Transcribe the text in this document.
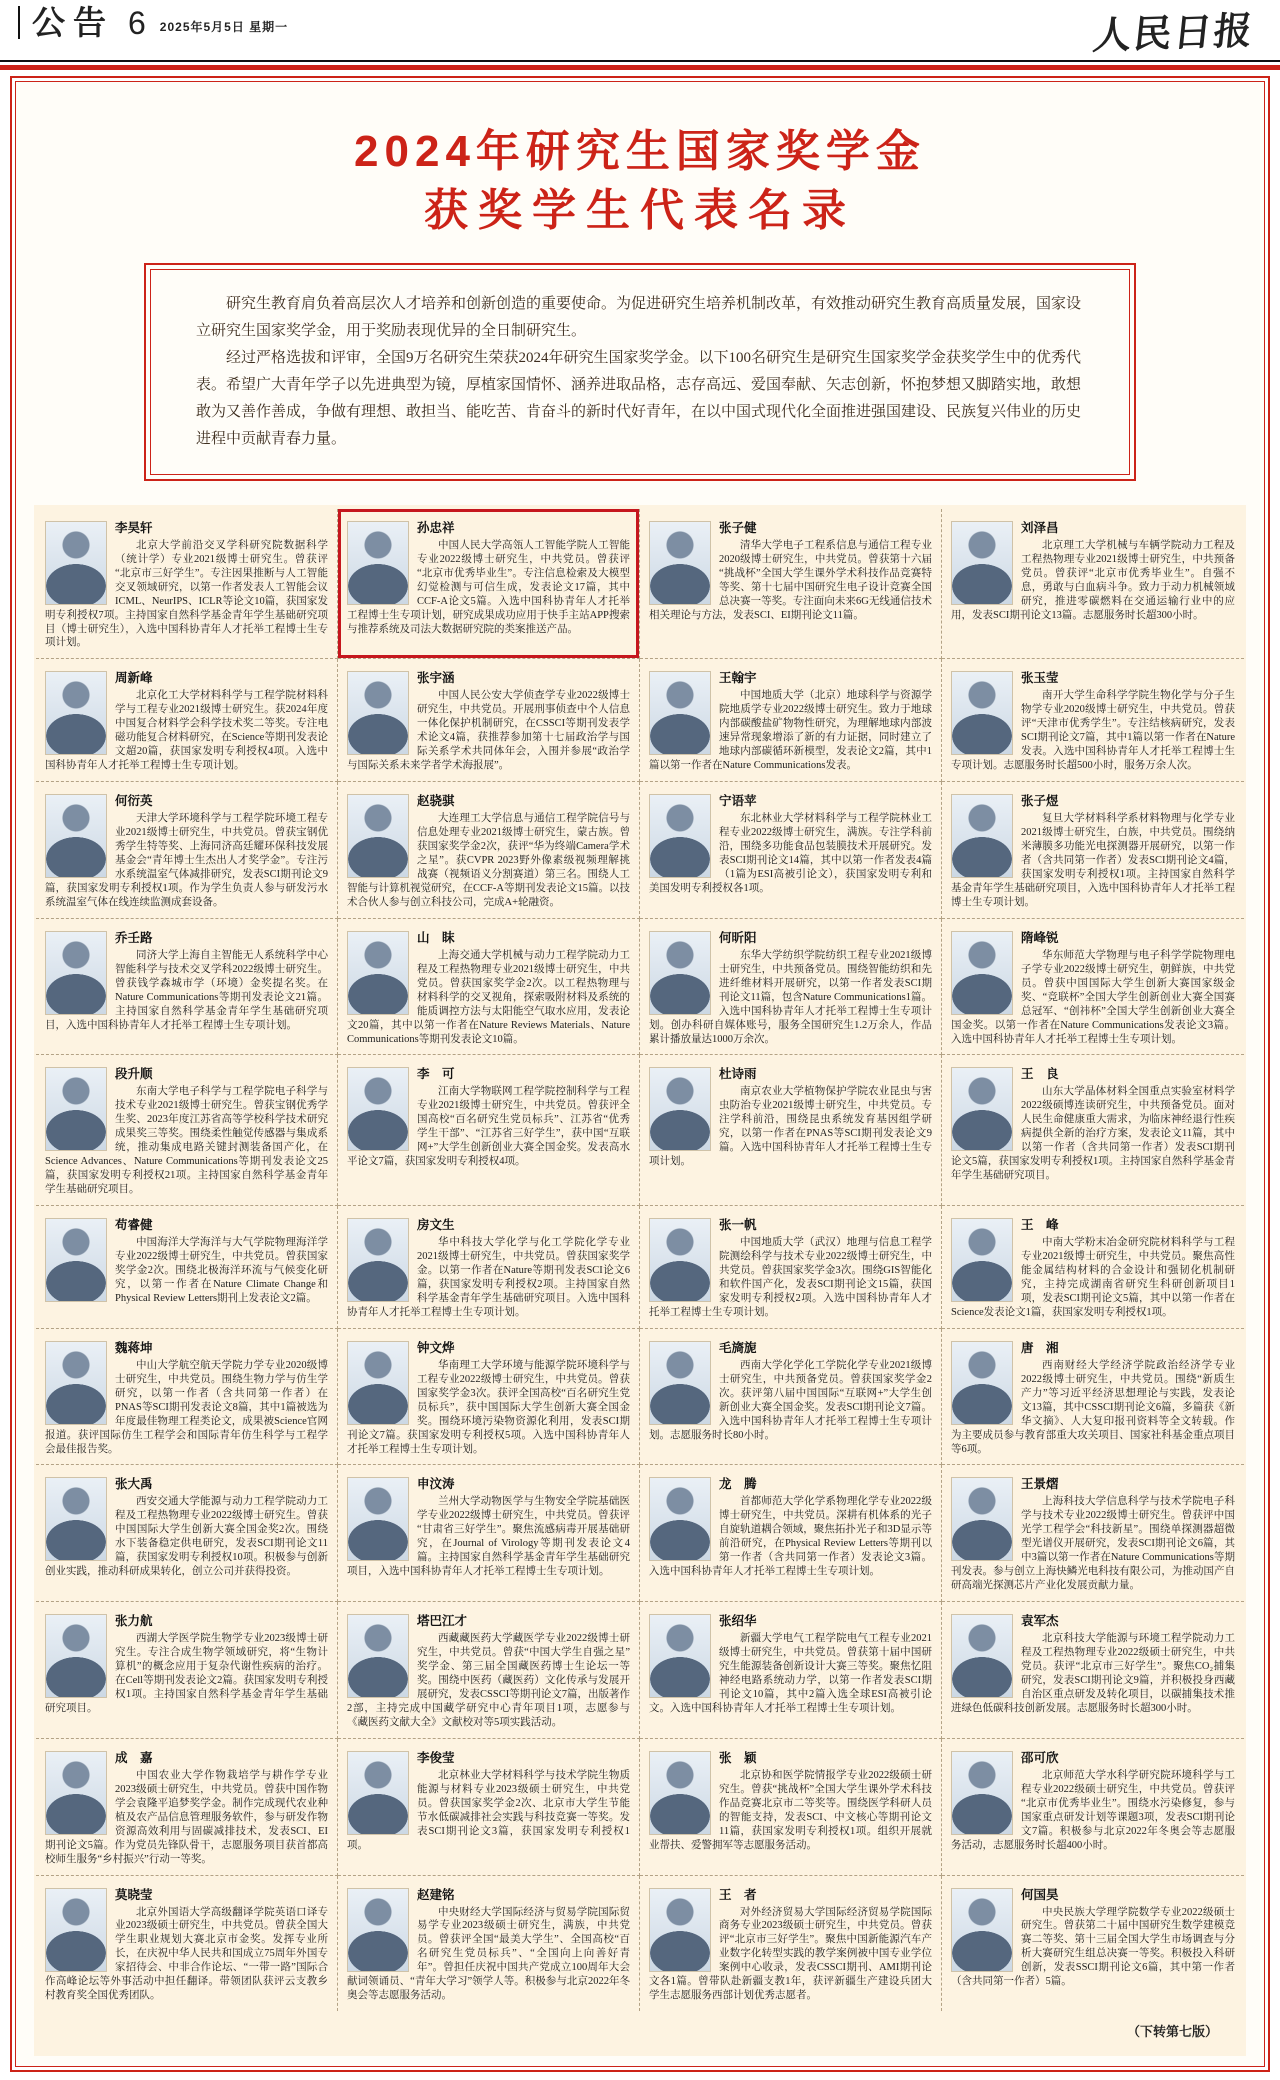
公告 6 2025年5月5日 星期一	人民日报
2024年研究生国家奖学金
获奖学生代表名录

研究生教育肩负着高层次人才培养和创新创造的重要使命。为促进研究生培养机制改革，有效推动研究生教育高质量发展，国家设立研究生国家奖学金，用于奖励表现优异的全日制研究生。

经过严格选拔和评审，全国9万名研究生荣获2024年研究生国家奖学金。以下100名研究生是研究生国家奖学金获奖学生中的优秀代表。希望广大青年学子以先进典型为镜，厚植家国情怀、涵养进取品格，志存高远、爱国奉献、矢志创新，怀抱梦想又脚踏实地，敢想敢为又善作善成，争做有理想、敢担当、能吃苦、肯奋斗的新时代好青年，在以中国式现代化全面推进强国建设、民族复兴伟业的历史进程中贡献青春力量。

李昊轩

北京大学前沿交叉学科研究院数据科学（统计学）专业2021级博士研究生。曾获评“北京市三好学生”。专注因果推断与人工智能交叉领域研究，以第一作者发表人工智能会议ICML、NeurIPS、ICLR等论文10篇，获国家发明专利授权7项。主持国家自然科学基金青年学生基础研究项目（博士研究生），入选中国科协青年人才托举工程博士生专项计划。

孙忠祥

中国人民大学高瓴人工智能学院人工智能专业2022级博士研究生，中共党员。曾获评“北京市优秀毕业生”。专注信息检索及大模型幻觉检测与可信生成，发表论文17篇，其中CCF-A论文5篇。入选中国科协青年人才托举工程博士生专项计划，研究成果成功应用于快手主站APP搜索与推荐系统及司法大数据研究院的类案推送产品。

张子健

清华大学电子工程系信息与通信工程专业2020级博士研究生，中共党员。曾获第十六届“挑战杯”全国大学生课外学术科技作品竞赛特等奖、第十七届中国研究生电子设计竞赛全国总决赛一等奖。专注面向未来6G无线通信技术相关理论与方法，发表SCI、EI期刊论文11篇。

刘泽昌

北京理工大学机械与车辆学院动力工程及工程热物理专业2021级博士研究生，中共预备党员。曾获评“北京市优秀毕业生”。自强不息，勇敢与白血病斗争。致力于动力机械领域研究，推进零碳燃料在交通运输行业中的应用，发表SCI期刊论文13篇。志愿服务时长超300小时。

周新峰

北京化工大学材料科学与工程学院材料科学与工程专业2021级博士研究生。获2024年度中国复合材料学会科学技术奖二等奖。专注电磁功能复合材料研究，在Science等期刊发表论文超20篇，获国家发明专利授权4项。入选中国科协青年人才托举工程博士生专项计划。

张宇涵

中国人民公安大学侦查学专业2022级博士研究生，中共党员。开展刑事侦查中个人信息一体化保护机制研究，在CSSCI等期刊发表学术论文4篇，获推荐参加第十七届政治学与国际关系学术共同体年会，入围并参展“政治学与国际关系未来学者学术海报展”。

王翰宇

中国地质大学（北京）地球科学与资源学院地质学专业2022级博士研究生。致力于地球内部碳酸盐矿物物性研究，为理解地球内部波速异常现象增添了新的有力证据，同时建立了地球内部碳循环新模型，发表论文2篇，其中1篇以第一作者在Nature Communications发表。

张玉莹

南开大学生命科学学院生物化学与分子生物学专业2020级博士研究生，中共党员。曾获评“天津市优秀学生”。专注结核病研究，发表SCI期刊论文7篇，其中1篇以第一作者在Nature发表。入选中国科协青年人才托举工程博士生专项计划。志愿服务时长超500小时，服务万余人次。

何衍英

天津大学环境科学与工程学院环境工程专业2021级博士研究生，中共党员。曾获宝钢优秀学生特等奖、上海同济高廷耀环保科技发展基金会“青年博士生杰出人才奖学金”。专注污水系统温室气体减排研究，发表SCI期刊论文9篇，获国家发明专利授权1项。作为学生负责人参与研发污水系统温室气体在线连续监测成套设备。

赵骁骐

大连理工大学信息与通信工程学院信号与信息处理专业2021级博士研究生，蒙古族。曾获国家奖学金2次，获评“华为终端Camera学术之星”。获CVPR 2023野外像素级视频理解挑战赛（视频语义分割赛道）第三名。围绕人工智能与计算机视觉研究，在CCF-A等期刊发表论文15篇。以技术合伙人参与创立科技公司，完成A+轮融资。

宁语苹

东北林业大学材料科学与工程学院林业工程专业2022级博士研究生，满族。专注学科前沿，围绕多功能食品包装膜技术开展研究。发表SCI期刊论文14篇，其中以第一作者发表4篇（1篇为ESI高被引论文），获国家发明专利和美国发明专利授权各1项。

张子煜

复旦大学材料科学系材料物理与化学专业2021级博士研究生，白族，中共党员。围绕纳米薄膜多功能光电探测器开展研究，以第一作者（含共同第一作者）发表SCI期刊论文4篇，获国家发明专利授权1项。主持国家自然科学基金青年学生基础研究项目，入选中国科协青年人才托举工程博士生专项计划。

乔壬路

同济大学上海自主智能无人系统科学中心智能科学与技术交叉学科2022级博士研究生。曾获钱学森城市学（环境）金奖提名奖。在Nature Communications等期刊发表论文21篇。主持国家自然科学基金青年学生基础研究项目，入选中国科协青年人才托举工程博士生专项计划。

山　眜

上海交通大学机械与动力工程学院动力工程及工程热物理专业2021级博士研究生，中共党员。曾获国家奖学金2次。以工程热物理与材料科学的交叉视角，探索吸附材料及系统的能质调控方法与太阳能空气取水应用，发表论文20篇，其中以第一作者在Nature Reviews Materials、Nature Communications等期刊发表论文10篇。

何昕阳

东华大学纺织学院纺织工程专业2021级博士研究生，中共预备党员。围绕智能纺织和先进纤维材料开展研究，以第一作者发表SCI期刊论文11篇，包含Nature Communications1篇。入选中国科协青年人才托举工程博士生专项计划。创办科研自媒体账号，服务全国研究生1.2万余人，作品累计播放量达1000万余次。

隋峰锐

华东师范大学物理与电子科学学院物理电子学专业2022级博士研究生，朝鲜族，中共党员。曾获中国国际大学生创新大赛国家级金奖、“竞联杯”全国大学生创新创业大赛全国赛总冠军、“创祎杯”全国大学生创新创业大赛全国金奖。以第一作者在Nature Communications发表论文3篇。入选中国科协青年人才托举工程博士生专项计划。

段升顺

东南大学电子科学与工程学院电子科学与技术专业2021级博士研究生。曾获宝钢优秀学生奖、2023年度江苏省高等学校科学技术研究成果奖三等奖。围绕柔性触觉传感器与集成系统，推动集成电路关键封测装备国产化，在Science Advances、Nature Communications等期刊发表论文25篇，获国家发明专利授权21项。主持国家自然科学基金青年学生基础研究项目。

李　可

江南大学物联网工程学院控制科学与工程专业2021级博士研究生，中共党员。曾获评全国高校“百名研究生党员标兵”、江苏省“优秀学生干部”、“江苏省三好学生”，获中国“互联网+”大学生创新创业大赛全国金奖。发表高水平论文7篇，获国家发明专利授权4项。

杜诗雨

南京农业大学植物保护学院农业昆虫与害虫防治专业2021级博士研究生，中共党员。专注学科前沿，围绕昆虫系统发育基因组学研究，以第一作者在PNAS等SCI期刊发表论文9篇。入选中国科协青年人才托举工程博士生专项计划。

王　良

山东大学晶体材料全国重点实验室材料学2022级硕博连读研究生，中共预备党员。面对人民生命健康重大需求，为临床神经退行性疾病提供全新的治疗方案，发表论文11篇，其中以第一作者（含共同第一作者）发表SCI期刊论文5篇，获国家发明专利授权1项。主持国家自然科学基金青年学生基础研究项目。

苟睿健

中国海洋大学海洋与大气学院物理海洋学专业2022级博士研究生，中共党员。曾获国家奖学金2次。围绕北极海洋环流与气候变化研究，以第一作者在Nature Climate Change和Physical Review Letters期刊上发表论文2篇。

房文生

华中科技大学化学与化工学院化学专业2021级博士研究生，中共党员。曾获国家奖学金。以第一作者在Nature等期刊发表SCI论文6篇，获国家发明专利授权2项。主持国家自然科学基金青年学生基础研究项目。入选中国科协青年人才托举工程博士生专项计划。

张一帆

中国地质大学（武汉）地理与信息工程学院测绘科学与技术专业2022级博士研究生，中共党员。曾获国家奖学金3次。围绕GIS智能化和软件国产化，发表SCI期刊论文15篇，获国家发明专利授权2项。入选中国科协青年人才托举工程博士生专项计划。

王　峰

中南大学粉末冶金研究院材料科学与工程专业2021级博士研究生，中共党员。聚焦高性能金属结构材料的合金设计和强韧化机制研究，主持完成湖南省研究生科研创新项目1项，发表SCI期刊论文5篇，其中以第一作者在Science发表论文1篇，获国家发明专利授权1项。

魏蒋坤

中山大学航空航天学院力学专业2020级博士研究生，中共党员。围绕生物力学与仿生学研究，以第一作者（含共同第一作者）在PNAS等SCI期刊发表论文8篇，其中1篇被选为年度最佳物理工程类论文，成果被Science官网报道。获评国际仿生工程学会和国际青年仿生科学与工程学会最佳报告奖。

钟文烨

华南理工大学环境与能源学院环境科学与工程专业2022级博士研究生，中共党员。曾获国家奖学金3次。获评全国高校“百名研究生党员标兵”，获中国国际大学生创新大赛全国金奖。围绕环境污染物资源化利用，发表SCI期刊论文7篇。获国家发明专利授权5项。入选中国科协青年人才托举工程博士生专项计划。

毛旖旎

西南大学化学化工学院化学专业2021级博士研究生，中共预备党员。曾获国家奖学金2次。获评第八届中国国际“互联网+”大学生创新创业大赛全国金奖。发表SCI期刊论文7篇。入选中国科协青年人才托举工程博士生专项计划。志愿服务时长80小时。

唐　湘

西南财经大学经济学院政治经济学专业2022级博士研究生，中共党员。围绕“新质生产力”等习近平经济思想理论与实践，发表论文13篇，其中CSSCI期刊论文6篇，多篇获《新华文摘》、人大复印报刊资料等全文转载。作为主要成员参与教育部重大攻关项目、国家社科基金重点项目等6项。

张大禹

西安交通大学能源与动力工程学院动力工程及工程热物理专业2022级博士研究生。曾获中国国际大学生创新大赛全国金奖2次。围绕水下装备稳定供电研究，发表SCI期刊论文11篇，获国家发明专利授权10项。积极参与创新创业实践，推动科研成果转化，创立公司并获得投资。

申汶涛

兰州大学动物医学与生物安全学院基础医学专业2022级博士研究生，中共党员。曾获评“甘肃省三好学生”。聚焦流感病毒开展基础研究，在Journal of Virology等期刊发表论文4篇。主持国家自然科学基金青年学生基础研究项目，入选中国科协青年人才托举工程博士生专项计划。

龙　腾

首都师范大学化学系物理化学专业2022级博士研究生，中共党员。深耕有机体系的光子自旋轨道耦合领域，聚焦拓扑光子和3D显示等前沿研究，在Physical Review Letters等期刊以第一作者（含共同第一作者）发表论文3篇。入选中国科协青年人才托举工程博士生专项计划。

王景熠

上海科技大学信息科学与技术学院电子科学与技术专业2022级博士研究生。曾获评中国光学工程学会“科技新星”。围绕单探测器超微型光谱仪开展研究，发表SCI期刊论文6篇，其中3篇以第一作者在Nature Communications等期刊发表。参与创立上海快鳞光电科技有限公司，为推动国产自研高端光探测芯片产业化发展贡献力量。

张力航

西湖大学医学院生物学专业2023级博士研究生。专注合成生物学领域研究，将“生物计算机”的概念应用于复杂代谢性疾病的治疗。在Cell等期刊发表论文2篇。获国家发明专利授权1项。主持国家自然科学基金青年学生基础研究项目。

塔巴江才

西藏藏医药大学藏医学专业2022级博士研究生，中共党员。曾获“中国大学生自强之星”奖学金、第三届全国藏医药博士生论坛一等奖。围绕中医药（藏医药）文化传承与发展开展研究，发表CSSCI等期刊论文7篇，出版著作2部，主持完成中国藏学研究中心青年项目1项，志愿参与《藏医药文献大全》文献校对等5项实践活动。

张绍华

新疆大学电气工程学院电气工程专业2021级博士研究生，中共党员。曾获第十届中国研究生能源装备创新设计大赛三等奖。聚焦忆阻神经电路系统动力学，以第一作者发表SCI期刊论文10篇，其中2篇入选全球ESI高被引论文。入选中国科协青年人才托举工程博士生专项计划。

袁军杰

北京科技大学能源与环境工程学院动力工程及工程热物理专业2022级硕士研究生，中共党员。获评“北京市三好学生”。聚焦CO₂捕集研究，发表SCI期刊论文9篇，并积极投身西藏自治区重点研发及转化项目，以碳捕集技术推进绿色低碳科技创新发展。志愿服务时长超300小时。

成　嘉

中国农业大学作物栽培学与耕作学专业2023级硕士研究生，中共党员。曾获中国作物学会袁隆平追梦奖学金。制作完成现代农业种植及农产品信息管理服务软件，参与研发作物资源高效利用与固碳减排技术，发表SCI、EI期刊论文5篇。作为党员先锋队骨干，志愿服务项目获首都高校师生服务“乡村振兴”行动一等奖。

李俊莹

北京林业大学材料科学与技术学院生物质能源与材料专业2023级硕士研究生，中共党员。曾获国家奖学金2次、北京市大学生节能节水低碳减排社会实践与科技竞赛一等奖。发表SCI期刊论文3篇，获国家发明专利授权1项。

张　颖

北京协和医学院情报学专业2022级硕士研究生。曾获“挑战杯”全国大学生课外学术科技作品竞赛北京市二等奖等。围绕医学科研人员的智能支持，发表SCI、中文核心等期刊论文11篇，获国家发明专利授权1项。组织开展就业帮扶、爱警拥军等志愿服务活动。

邵可欣

北京师范大学水科学研究院环境科学与工程专业2022级硕士研究生，中共党员。曾获评“北京市优秀毕业生”。围绕水污染修复，参与国家重点研发计划等课题3项，发表SCI期刊论文7篇。积极参与北京2022年冬奥会等志愿服务活动，志愿服务时长超400小时。

莫晓莹

北京外国语大学高级翻译学院英语口译专业2023级硕士研究生，中共党员。曾获全国大学生职业规划大赛北京市金奖。发挥专业所长，在庆祝中华人民共和国成立75周年外国专家招待会、中非合作论坛、“一带一路”国际合作高峰论坛等外事活动中担任翻译。带领团队获评云支教乡村教育奖全国优秀团队。

赵建铭

中央财经大学国际经济与贸易学院国际贸易学专业2023级硕士研究生，满族，中共党员。曾获评全国“最美大学生”、全国高校“百名研究生党员标兵”、“全国向上向善好青年”。曾担任庆祝中国共产党成立100周年大会献词领诵员、“青年大学习”领学人等。积极参与北京2022年冬奥会等志愿服务活动。

王　者

对外经济贸易大学国际经济贸易学院国际商务专业2023级硕士研究生，中共党员。曾获评“北京市三好学生”。聚焦中国新能源汽车产业数字化转型实践的教学案例被中国专业学位案例中心收录，发表CSSCI期刊、AMI期刊论文各1篇。曾带队赴新疆支教1年，获评新疆生产建设兵团大学生志愿服务西部计划优秀志愿者。

何国昊

中央民族大学理学院数学专业2022级硕士研究生。曾获第二十届中国研究生数学建模竞赛二等奖、第十三届全国大学生市场调查与分析大赛研究生组总决赛一等奖。积极投入科研创新，发表SSCI期刊论文6篇，其中第一作者（含共同第一作者）5篇。

（下转第七版）
